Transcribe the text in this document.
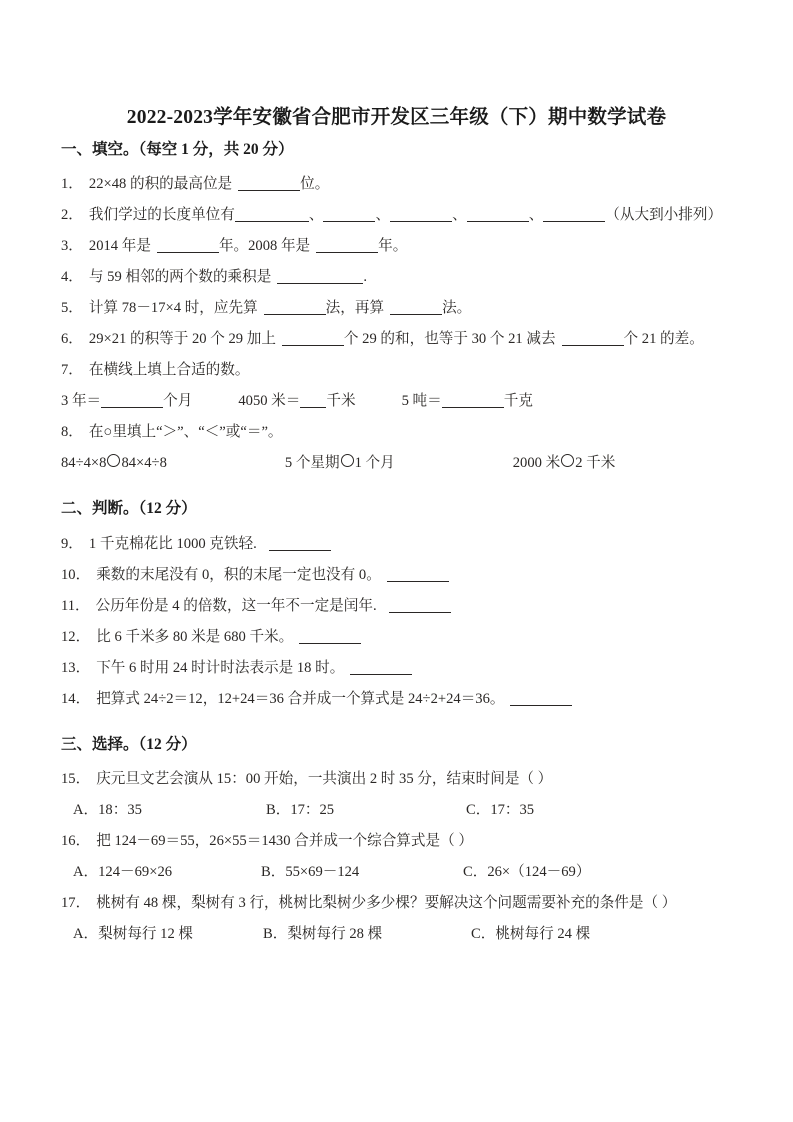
2022-2023学年安徽省合肥市开发区三年级（下）期中数学试卷
一、填空。（每空 1 分，共 20 分）
1． 22×48 的积的最高位是	位。
2． 我们学过的长度单位有	、	、	、	、	（从大到小排列）
3． 2014 年是	年。2008 年是	年。
4． 与 59 相邻的两个数的乘积是	.
5． 计算 78－17×4 时，应先算	法，再算	法。
6． 29×21 的积等于 20 个 29 加上	个 29 的和，也等于 30 个 21 减去	个 21 的差。
7． 在横线上填上合适的数。
3 年＝	个月	4050 米＝ 千米	5 吨＝	千克
8． 在○里填上“＞”、“＜”或“＝”。
84÷4×8 84×4÷8	5 个星期 1 个月	2000 米 2 千米
二、判断。（12 分）
9． 1 千克棉花比 1000 克铁轻.
10． 乘数的末尾没有 0，积的末尾一定也没有 0。
11． 公历年份是 4 的倍数，这一年不一定是闰年.
12． 比 6 千米多 80 米是 680 千米。
13． 下午 6 时用 24 时计时法表示是 18 时。
14． 把算式 24÷2＝12，12+24＝36 合并成一个算式是 24÷2+24＝36。
三、选择。（12 分）
15． 庆元旦文艺会演从 15：00 开始，一共演出 2 时 35 分，结束时间是（ ）
A．18：35	B．17：25	C．17：35
16． 把 124－69＝55，26×55＝1430 合并成一个综合算式是（ ）
A．124－69×26	B．55×69－124	C．26×（124－69）
17． 桃树有 48 棵，梨树有 3 行，桃树比梨树少多少棵？要解决这个问题需要补充的条件是（ ）
A．梨树每行 12 棵	B．梨树每行 28 棵	C．桃树每行 24 棵
